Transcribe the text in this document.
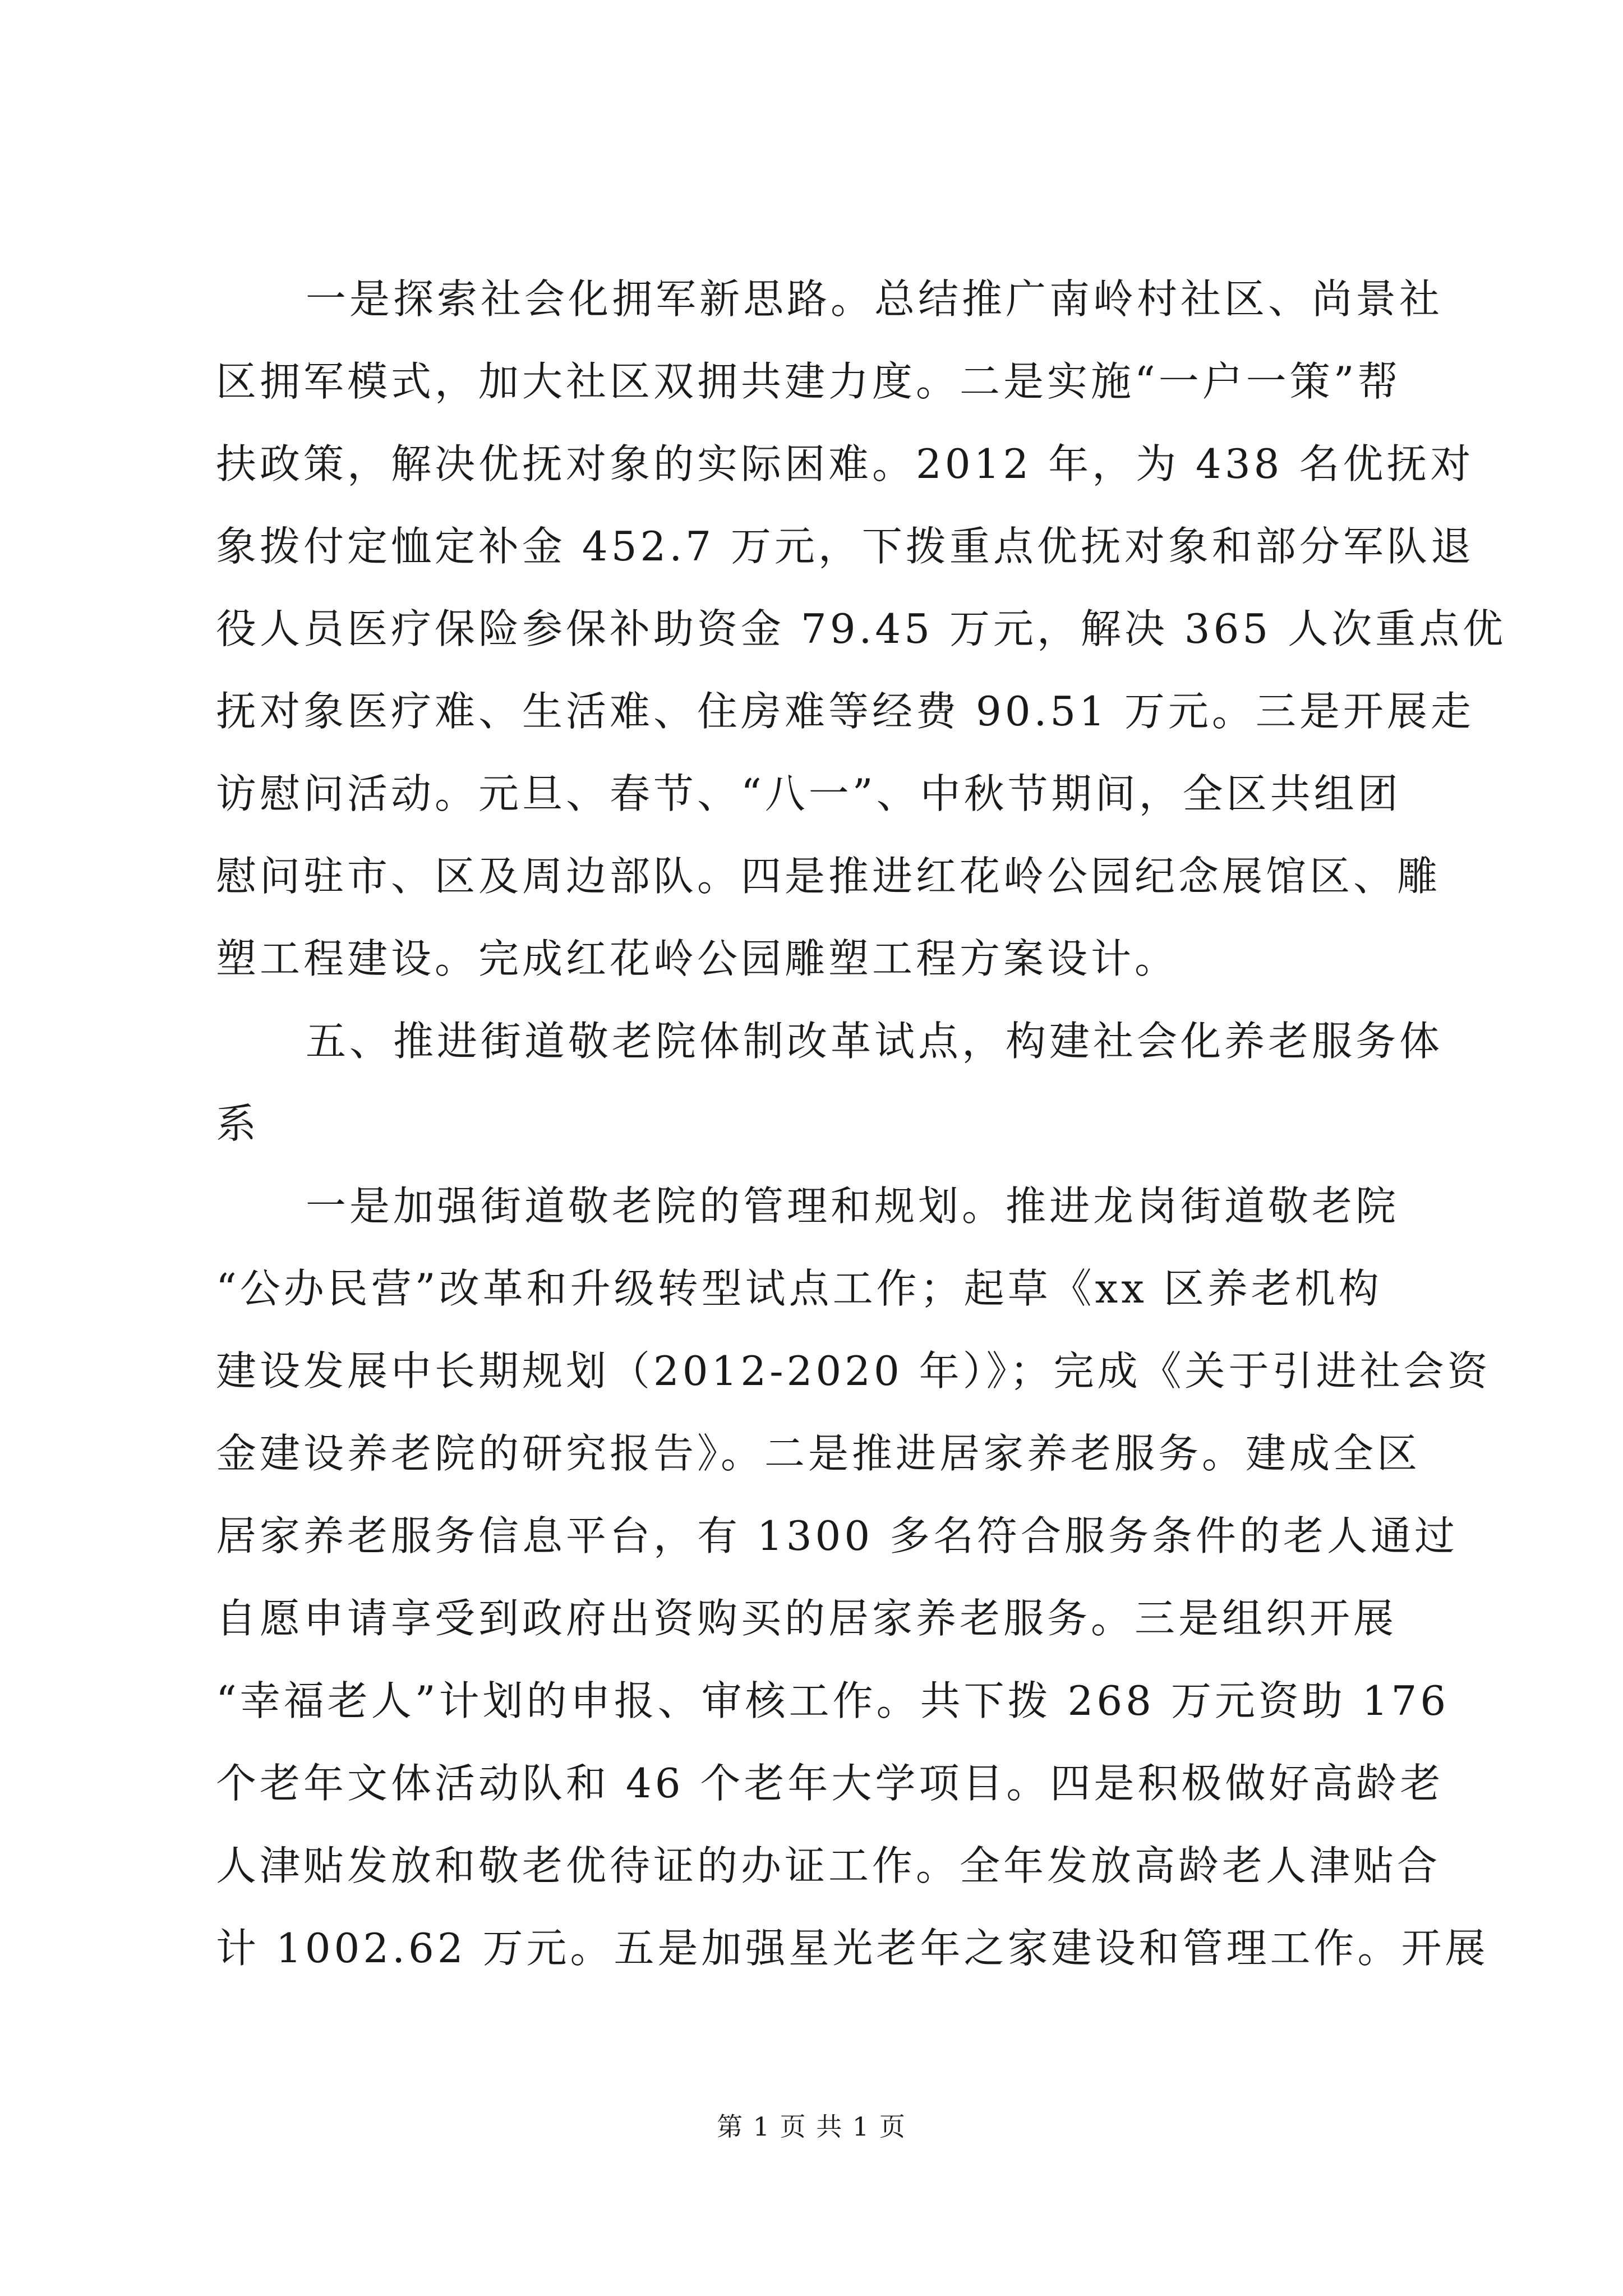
一是探索社会化拥军新思路。总结推广南岭村社区、尚景社
区拥军模式，加大社区双拥共建力度。二是实施“一户一策”帮
扶政策，解决优抚对象的实际困难。2012 年，为 438 名优抚对
象拨付定恤定补金 452.7 万元，下拨重点优抚对象和部分军队退
役人员医疗保险参保补助资金 79.45 万元，解决 365 人次重点优
抚对象医疗难、生活难、住房难等经费 90.51 万元。三是开展走
访慰问活动。元旦、春节、“八一”、中秋节期间，全区共组团
慰问驻市、区及周边部队。四是推进红花岭公园纪念展馆区、雕
塑工程建设。完成红花岭公园雕塑工程方案设计。
五、推进街道敬老院体制改革试点，构建社会化养老服务体
系
一是加强街道敬老院的管理和规划。推进龙岗街道敬老院
“公办民营”改革和升级转型试点工作；起草《xx 区养老机构
建设发展中长期规划（2012-2020 年）》；完成《关于引进社会资
金建设养老院的研究报告》。二是推进居家养老服务。建成全区
居家养老服务信息平台，有 1300 多名符合服务条件的老人通过
自愿申请享受到政府出资购买的居家养老服务。三是组织开展
“幸福老人”计划的申报、审核工作。共下拨 268 万元资助 176
个老年文体活动队和 46 个老年大学项目。四是积极做好高龄老
人津贴发放和敬老优待证的办证工作。全年发放高龄老人津贴合
计 1002.62 万元。五是加强星光老年之家建设和管理工作。开展
第 1 页 共 1 页
